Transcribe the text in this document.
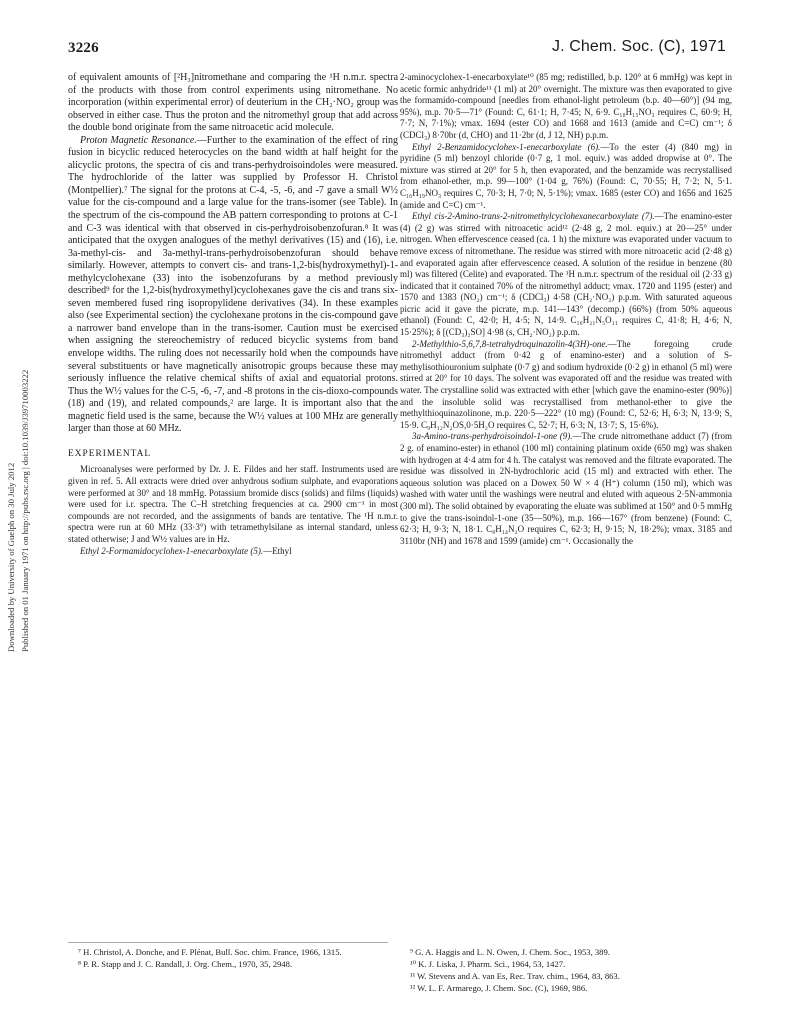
3226	J. Chem. Soc. (C), 1971
Downloaded by University of Guelph on 30 July 2012 Published on 01 January 1971 on http://pubs.rsc.org | doi:10.1039/J39710003222

of equivalent amounts of [²H₃]nitromethane and comparing the ¹H n.m.r. spectra of the products with those from control experiments using nitromethane. No incorporation (within experimental error) of deuterium in the CH₂·NO₂ group was observed in either case. Thus the proton and the nitromethyl group that add across the double bond originate from the same nitroacetic acid molecule.

Proton Magnetic Resonance.—Further to the examination of the effect of ring fusion in bicyclic reduced heterocycles on the band width at half height for the alicyclic protons, the spectra of cis and trans-perhydroisoindoles were measured. The hydrochloride of the latter was supplied by Professor H. Christol (Montpellier).⁷ The signal for the protons at C-4, -5, -6, and -7 gave a small W½ value for the cis-compound and a large value for the trans-isomer (see Table). In the spectrum of the cis-compound the AB pattern corresponding to protons at C-1 and C-3 was identical with that observed in cis-perhydroisobenzofuran.⁸ It was anticipated that the oxygen analogues of the methyl derivatives (15) and (16), i.e. 3a-methyl-cis- and 3a-methyl-trans-perhydroisobenzofuran should behave similarly. However, attempts to convert cis- and trans-1,2-bis(hydroxymethyl)-1-methylcyclohexane (33) into the isobenzofurans by a method previously described⁹ for the 1,2-bis(hydroxymethyl)cyclohexanes gave the cis and trans six-seven membered fused ring isopropylidene derivatives (34). In these examples also (see Experimental section) the cyclohexane protons in the cis-compound gave a narrower band envelope than in the trans-isomer. Caution must be exercised when assigning the stereochemistry of reduced bicyclic systems from band envelope widths. The ruling does not necessarily hold when the compounds have several substituents or have magnetically anisotropic groups because these may seriously influence the relative chemical shifts of axial and equatorial protons. Thus the W½ values for the C-5, -6, -7, and -8 protons in the cis-dioxo-compounds (18) and (19), and related compounds,² are large. It is important also that the magnetic field used is the same, because the W½ values at 100 MHz are generally larger than those at 60 MHz.

EXPERIMENTAL

Microanalyses were performed by Dr. J. E. Fildes and her staff. Instruments used are given in ref. 5. All extracts were dried over anhydrous sodium sulphate, and evaporations were performed at 30° and 18 mmHg. Potassium bromide discs (solids) and films (liquids) were used for i.r. spectra. The C–H stretching frequencies at ca. 2900 cm⁻¹ in most compounds are not recorded, and the assignments of bands are tentative. The ¹H n.m.r. spectra were run at 60 MHz (33·3°) with tetramethylsilane as internal standard, unless stated otherwise; J and W½ values are in Hz.

Ethyl 2-Formamidocyclohex-1-enecarboxylate (5).—Ethyl

⁷ H. Christol, A. Donche, and F. Plénat, Bull. Soc. chim. France, 1966, 1315.

⁸ P. R. Stapp and J. C. Randall, J. Org. Chem., 1970, 35, 2948.

2-aminocyclohex-1-enecarboxylate¹⁰ (85 mg; redistilled, b.p. 120° at 6 mmHg) was kept in acetic formic anhydride¹¹ (1 ml) at 20° overnight. The mixture was then evaporated to give the formamido-compound [needles from ethanol-light petroleum (b.p. 40—60°)] (94 mg, 95%), m.p. 70·5—71° (Found: C, 61·1; H, 7·45; N, 6·9. C₁₀H₁₅NO₃ requires C, 60·9; H, 7·7; N, 7·1%); νmax. 1694 (ester CO) and 1668 and 1613 (amide and C=C) cm⁻¹; δ (CDCl₃) 8·70br (d, CHO) and 11·2br (d, J 12, NH) p.p.m.

Ethyl 2-Benzamidocyclohex-1-enecarboxylate (6).—To the ester (4) (840 mg) in pyridine (5 ml) benzoyl chloride (0·7 g, 1 mol. equiv.) was added dropwise at 0°. The mixture was stirred at 20° for 5 h, then evaporated, and the benzamide was recrystallised from ethanol-ether, m.p. 99—100° (1·04 g, 76%) (Found: C, 70·55; H, 7·2; N, 5·1. C₁₆H₁₉NO₃ requires C, 70·3; H, 7·0; N, 5·1%); νmax. 1685 (ester CO) and 1656 and 1625 (amide and C=C) cm⁻¹.

Ethyl cis-2-Amino-trans-2-nitromethylcyclohexanecarboxylate (7).—The enamino-ester (4) (2 g) was stirred with nitroacetic acid¹² (2·48 g, 2 mol. equiv.) at 20—25° under nitrogen. When effervescence ceased (ca. 1 h) the mixture was evaporated under vacuum to remove excess of nitromethane. The residue was stirred with more nitroacetic acid (2·48 g) and evaporated again after effervescence ceased. A solution of the residue in benzene (80 ml) was filtered (Celite) and evaporated. The ¹H n.m.r. spectrum of the residual oil (2·33 g) indicated that it contained 70% of the nitromethyl adduct; νmax. 1720 and 1195 (ester) and 1570 and 1383 (NO₂) cm⁻¹; δ (CDCl₃) 4·58 (CH₂·NO₂) p.p.m. With saturated aqueous picric acid it gave the picrate, m.p. 141—143° (decomp.) (66%) (from 50% aqueous ethanol) (Found: C, 42·0; H, 4·5; N, 14·9. C₁₆H₂₁N₅O₁₁ requires C, 41·8; H, 4·6; N, 15·25%); δ [(CD₃)₂SO] 4·98 (s, CH₂·NO₂) p.p.m.

2-Methylthio-5,6,7,8-tetrahydroquinazolin-4(3H)-one.—The foregoing crude nitromethyl adduct (from 0·42 g of enamino-ester) and a solution of S-methylisothiouronium sulphate (0·7 g) and sodium hydroxide (0·2 g) in ethanol (5 ml) were stirred at 20° for 10 days. The solvent was evaporated off and the residue was treated with water. The crystalline solid was extracted with ether [which gave the enamino-ester (90%)] and the insoluble solid was recrystallised from methanol-ether to give the methylthioquinazolinone, m.p. 220·5—222° (10 mg) (Found: C, 52·6; H, 6·3; N, 13·9; S, 15·9. C₉H₁₂N₂OS,0·5H₂O requires C, 52·7; H, 6·3; N, 13·7; S, 15·6%).

3a-Amino-trans-perhydroisoindol-1-one (9).—The crude nitromethane adduct (7) (from 2 g. of enamino-ester) in ethanol (100 ml) containing platinum oxide (650 mg) was shaken with hydrogen at 4·4 atm for 4 h. The catalyst was removed and the filtrate evaporated. The residue was dissolved in 2N-hydrochloric acid (15 ml) and extracted with ether. The aqueous solution was placed on a Dowex 50 W × 4 (H⁺) column (150 ml), which was washed with water until the washings were neutral and eluted with aqueous 2·5N-ammonia (300 ml). The solid obtained by evaporating the eluate was sublimed at 150° and 0·5 mmHg to give the trans-isoindol-1-one (35—50%), m.p. 166—167° (from benzene) (Found: C, 62·3; H, 9·3; N, 18·1. C₈H₁₄N₂O requires C, 62·3; H, 9·15; N, 18·2%); νmax. 3185 and 3110br (NH) and 1678 and 1599 (amide) cm⁻¹. Occasionally the

⁹ G. A. Haggis and L. N. Owen, J. Chem. Soc., 1953, 389.

¹⁰ K. J. Liska, J. Pharm. Sci., 1964, 53, 1427.

¹¹ W. Stevens and A. van Es, Rec. Trav. chim., 1964, 83, 863.

¹² W. L. F. Armarego, J. Chem. Soc. (C), 1969, 986.
